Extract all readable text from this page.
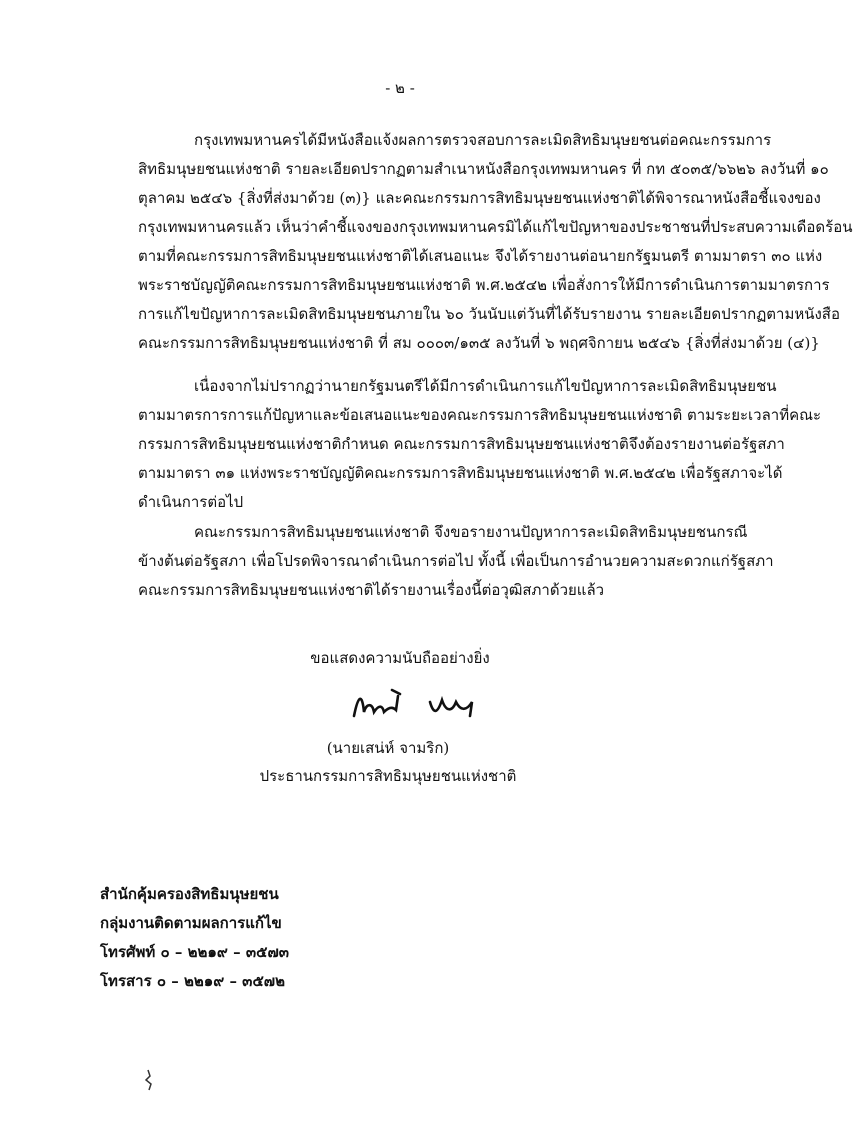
- ๒ -
กรุงเทพมหานครได้มีหนังสือแจ้งผลการตรวจสอบการละเมิดสิทธิมนุษยชนต่อคณะกรรมการ
สิทธิมนุษยชนแห่งชาติ รายละเอียดปรากฏตามสำเนาหนังสือกรุงเทพมหานคร ที่ กท ๕๐๓๕/๖๖๒๖ ลงวันที่ ๑๐
ตุลาคม ๒๕๔๖ {สิ่งที่ส่งมาด้วย (๓)} และคณะกรรมการสิทธิมนุษยชนแห่งชาติได้พิจารณาหนังสือชี้แจงของ
กรุงเทพมหานครแล้ว เห็นว่าคำชี้แจงของกรุงเทพมหานครมิได้แก้ไขปัญหาของประชาชนที่ประสบความเดือดร้อน
ตามที่คณะกรรมการสิทธิมนุษยชนแห่งชาติได้เสนอแนะ จึงได้รายงานต่อนายกรัฐมนตรี ตามมาตรา ๓๐ แห่ง
พระราชบัญญัติคณะกรรมการสิทธิมนุษยชนแห่งชาติ พ.ศ.๒๕๔๒ เพื่อสั่งการให้มีการดำเนินการตามมาตรการ
การแก้ไขปัญหาการละเมิดสิทธิมนุษยชนภายใน ๖๐ วันนับแต่วันที่ได้รับรายงาน รายละเอียดปรากฏตามหนังสือ
คณะกรรมการสิทธิมนุษยชนแห่งชาติ ที่ สม ๐๐๐๓/๑๓๕ ลงวันที่ ๖ พฤศจิกายน ๒๕๔๖ {สิ่งที่ส่งมาด้วย (๔)}
เนื่องจากไม่ปรากฏว่านายกรัฐมนตรีได้มีการดำเนินการแก้ไขปัญหาการละเมิดสิทธิมนุษยชน
ตามมาตรการการแก้ปัญหาและข้อเสนอแนะของคณะกรรมการสิทธิมนุษยชนแห่งชาติ ตามระยะเวลาที่คณะ
กรรมการสิทธิมนุษยชนแห่งชาติกำหนด คณะกรรมการสิทธิมนุษยชนแห่งชาติจึงต้องรายงานต่อรัฐสภา
ตามมาตรา ๓๑ แห่งพระราชบัญญัติคณะกรรมการสิทธิมนุษยชนแห่งชาติ พ.ศ.๒๕๔๒ เพื่อรัฐสภาจะได้
ดำเนินการต่อไป
คณะกรรมการสิทธิมนุษยชนแห่งชาติ จึงขอรายงานปัญหาการละเมิดสิทธิมนุษยชนกรณี
ข้างต้นต่อรัฐสภา เพื่อโปรดพิจารณาดำเนินการต่อไป ทั้งนี้ เพื่อเป็นการอำนวยความสะดวกแก่รัฐสภา
คณะกรรมการสิทธิมนุษยชนแห่งชาติได้รายงานเรื่องนี้ต่อวุฒิสภาด้วยแล้ว
ขอแสดงความนับถืออย่างยิ่ง
(นายเสน่ห์ จามริก)
ประธานกรรมการสิทธิมนุษยชนแห่งชาติ
สำนักคุ้มครองสิทธิมนุษยชน
กลุ่มงานติดตามผลการแก้ไข
โทรศัพท์ ๐ – ๒๒๑๙ – ๓๕๗๓
โทรสาร ๐ – ๒๒๑๙ – ๓๕๗๒
